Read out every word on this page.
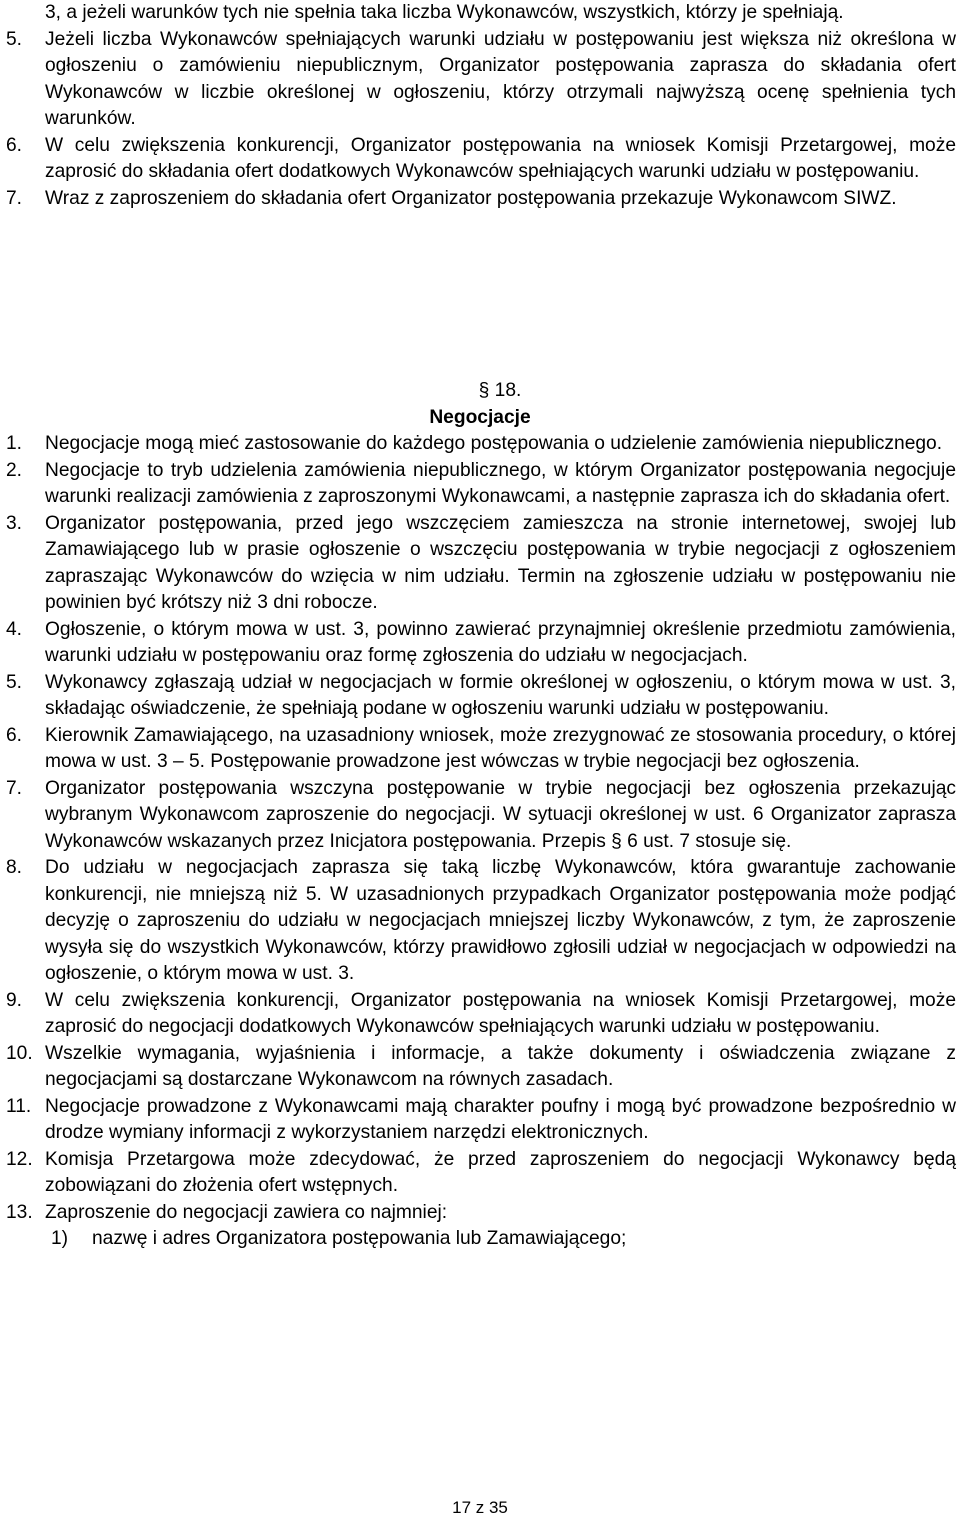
3, a jeżeli warunków tych nie spełnia taka liczba Wykonawców, wszystkich, którzy je spełniają.
5. Jeżeli liczba Wykonawców spełniających warunki udziału w postępowaniu jest większa niż określona w ogłoszeniu o zamówieniu niepublicznym, Organizator postępowania zaprasza do składania ofert Wykonawców w liczbie określonej w ogłoszeniu, którzy otrzymali najwyższą ocenę spełnienia tych warunków.
6. W celu zwiększenia konkurencji, Organizator postępowania na wniosek Komisji Przetargowej, może zaprosić do składania ofert dodatkowych Wykonawców spełniających warunki udziału w postępowaniu.
7. Wraz z zaproszeniem do składania ofert Organizator postępowania przekazuje Wykonawcom SIWZ.
§ 18.
Negocjacje
1. Negocjacje mogą mieć zastosowanie do każdego postępowania o udzielenie zamówienia niepublicznego.
2. Negocjacje to tryb udzielenia zamówienia niepublicznego, w którym Organizator postępowania negocjuje warunki realizacji zamówienia z zaproszonymi Wykonawcami, a następnie zaprasza ich do składania ofert.
3. Organizator postępowania, przed jego wszczęciem zamieszcza na stronie internetowej, swojej lub Zamawiającego lub w prasie ogłoszenie o wszczęciu postępowania w trybie negocjacji z ogłoszeniem zapraszając Wykonawców do wzięcia w nim udziału. Termin na zgłoszenie udziału w postępowaniu nie powinien być krótszy niż 3 dni robocze.
4. Ogłoszenie, o którym mowa w ust. 3, powinno zawierać przynajmniej określenie przedmiotu zamówienia, warunki udziału w postępowaniu oraz formę zgłoszenia do udziału w negocjacjach.
5. Wykonawcy zgłaszają udział w negocjacjach w formie określonej w ogłoszeniu, o którym mowa w ust. 3, składając oświadczenie, że spełniają podane w ogłoszeniu warunki udziału w postępowaniu.
6. Kierownik Zamawiającego, na uzasadniony wniosek, może zrezygnować ze stosowania procedury, o której mowa w ust. 3 – 5. Postępowanie prowadzone jest wówczas w trybie negocjacji bez ogłoszenia.
7. Organizator postępowania wszczyna postępowanie w trybie negocjacji bez ogłoszenia przekazując wybranym Wykonawcom zaproszenie do negocjacji. W sytuacji określonej w ust. 6 Organizator zaprasza Wykonawców wskazanych przez Inicjatora postępowania. Przepis § 6 ust. 7 stosuje się.
8. Do udziału w negocjacjach zaprasza się taką liczbę Wykonawców, która gwarantuje zachowanie konkurencji, nie mniejszą niż 5. W uzasadnionych przypadkach Organizator postępowania może podjąć decyzję o zaproszeniu do udziału w negocjacjach mniejszej liczby Wykonawców, z tym, że zaproszenie wysyła się do wszystkich Wykonawców, którzy prawidłowo zgłosili udział w negocjacjach w odpowiedzi na ogłoszenie, o którym mowa w ust. 3.
9. W celu zwiększenia konkurencji, Organizator postępowania na wniosek Komisji Przetargowej, może zaprosić do negocjacji dodatkowych Wykonawców spełniających warunki udziału w postępowaniu.
10. Wszelkie wymagania, wyjaśnienia i informacje, a także dokumenty i oświadczenia związane z negocjacjami są dostarczane Wykonawcom na równych zasadach.
11. Negocjacje prowadzone z Wykonawcami mają charakter poufny i mogą być prowadzone bezpośrednio w drodze wymiany informacji z wykorzystaniem narzędzi elektronicznych.
12. Komisja Przetargowa może zdecydować, że przed zaproszeniem do negocjacji Wykonawcy będą zobowiązani do złożenia ofert wstępnych.
13. Zaproszenie do negocjacji zawiera co najmniej:
1) nazwę i adres Organizatora postępowania lub Zamawiającego;
17 z 35
